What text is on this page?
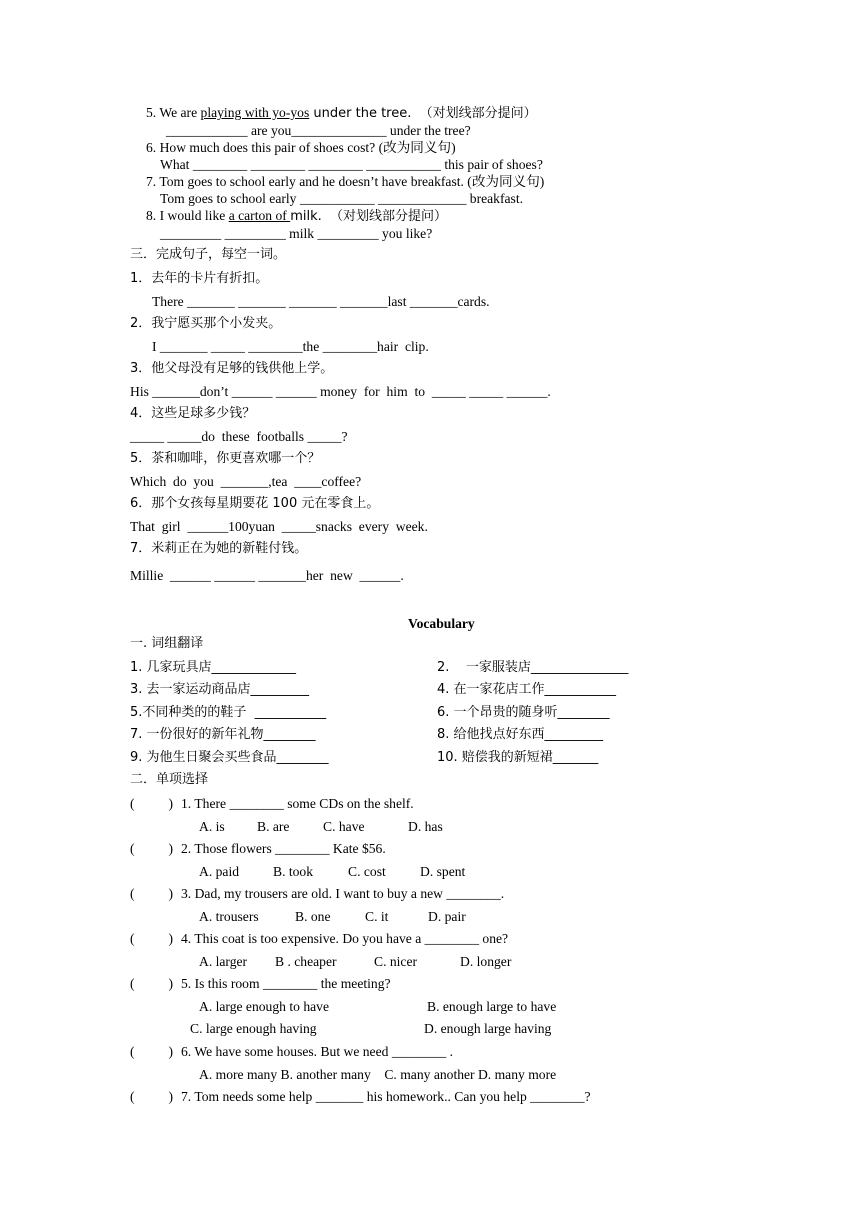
5. We are playing with yo-yos under the tree.  （对划线部分提问）
____________ are you______________ under the tree?
6. How much does this pair of shoes cost? (改为同义句)
What ________ ________ ________ ___________ this pair of shoes?
7. Tom goes to school early and he doesn’t have breakfast. (改为同义句)
Tom goes to school early ___________ _____________ breakfast.
8. I would like a carton of milk.  （对划线部分提问）
_________ _________ milk _________ you like?
三．完成句子，每空一词。
1．去年的卡片有折扣。
There _______ _______ _______ _______last _______cards.
2．我宁愿买那个小发夹。
I _______ _____ ________the ________hair  clip.
3．他父母没有足够的钱供他上学。
His _______don’t ______ ______ money  for  him  to  _____ _____ ______.
4．这些足球多少钱？
_____ _____do  these  footballs _____?
5．茶和咖啡，你更喜欢哪一个？
Which  do  you  _______,tea  ____coffee?
6．那个女孩每星期要花 100 元在零食上。
That  girl  ______100yuan  _____snacks  every  week.
7．米莉正在为她的新鞋付钱。
Millie  ______ ______ _______her  new  ______.
Vocabulary
一. 词组翻译
1. 几家玩具店_____________	2.    一家服装店_______________
3. 去一家运动商品店_________	4. 在一家花店工作___________
5.不同种类的的鞋子  ___________	6. 一个昂贵的随身听________
7. 一份很好的新年礼物________	8. 给他找点好东西_________
9. 为他生日聚会买些食品________	10. 赔偿我的新短裙_______
二．单项选择
(          ) 1. There ________ some CDs on the shelf.
A. is B. are C. have	D. has
(          ) 2. Those flowers ________ Kate $56.
A. paid B. took	C. cost	D. spent
(          ) 3. Dad, my trousers are old. I want to buy a new ________.
A. trousers	B. one	C. it	D. pair
(          ) 4. This coat is too expensive. Do you have a ________ one?
A. larger B . cheaper	C. nicer	D. longer
(          ) 5. Is this room ________ the meeting?
A. large enough to have	B. enough large to have
C. large enough having	D. enough large having
(          ) 6. We have some houses. But we need ________ .
A. more many B. another many    C. many another D. many more
(          ) 7. Tom needs some help _______ his homework.. Can you help ________?
